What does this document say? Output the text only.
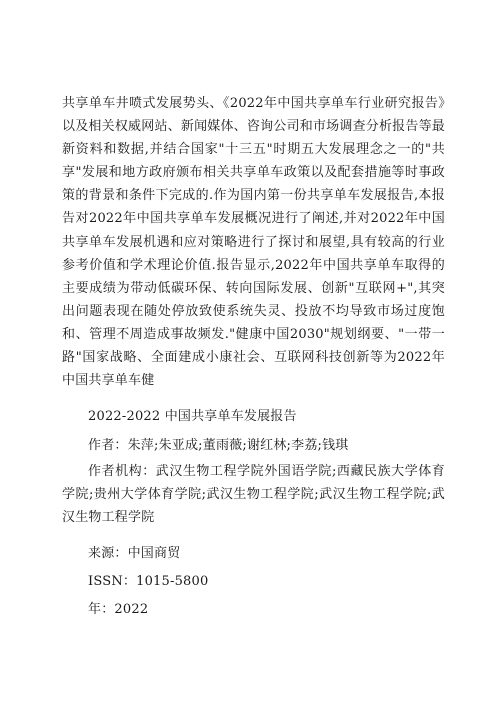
共享单车井喷式发展势头、《2022年中国共享单车行业研究报告》以及相关权威网站、新闻媒体、咨询公司和市场调查分析报告等最新资料和数据,并结合国家"十三五"时期五大发展理念之一的"共享"发展和地方政府颁布相关共享单车政策以及配套措施等时事政策的背景和条件下完成的.作为国内第一份共享单车发展报告,本报告对2022年中国共享单车发展概况进行了阐述,并对2022年中国共享单车发展机遇和应对策略进行了探讨和展望,具有较高的行业参考价值和学术理论价值.报告显示,2022年中国共享单车取得的主要成绩为带动低碳环保、转向国际发展、创新"互联网+",其突出问题表现在随处停放致使系统失灵、投放不均导致市场过度饱和、管理不周造成事故频发."健康中国2030"规划纲要、"一带一路"国家战略、全面建成小康社会、互联网科技创新等为2022年中国共享单车健
2022-2022 中国共享单车发展报告
作者：朱萍;朱亚成;董雨薇;谢红林;李荔;钱琪
作者机构：武汉生物工程学院外国语学院;西藏民族大学体育学院;贵州大学体育学院;武汉生物工程学院;武汉生物工程学院;武汉生物工程学院
来源：中国商贸
ISSN：1015-5800
年：2022
